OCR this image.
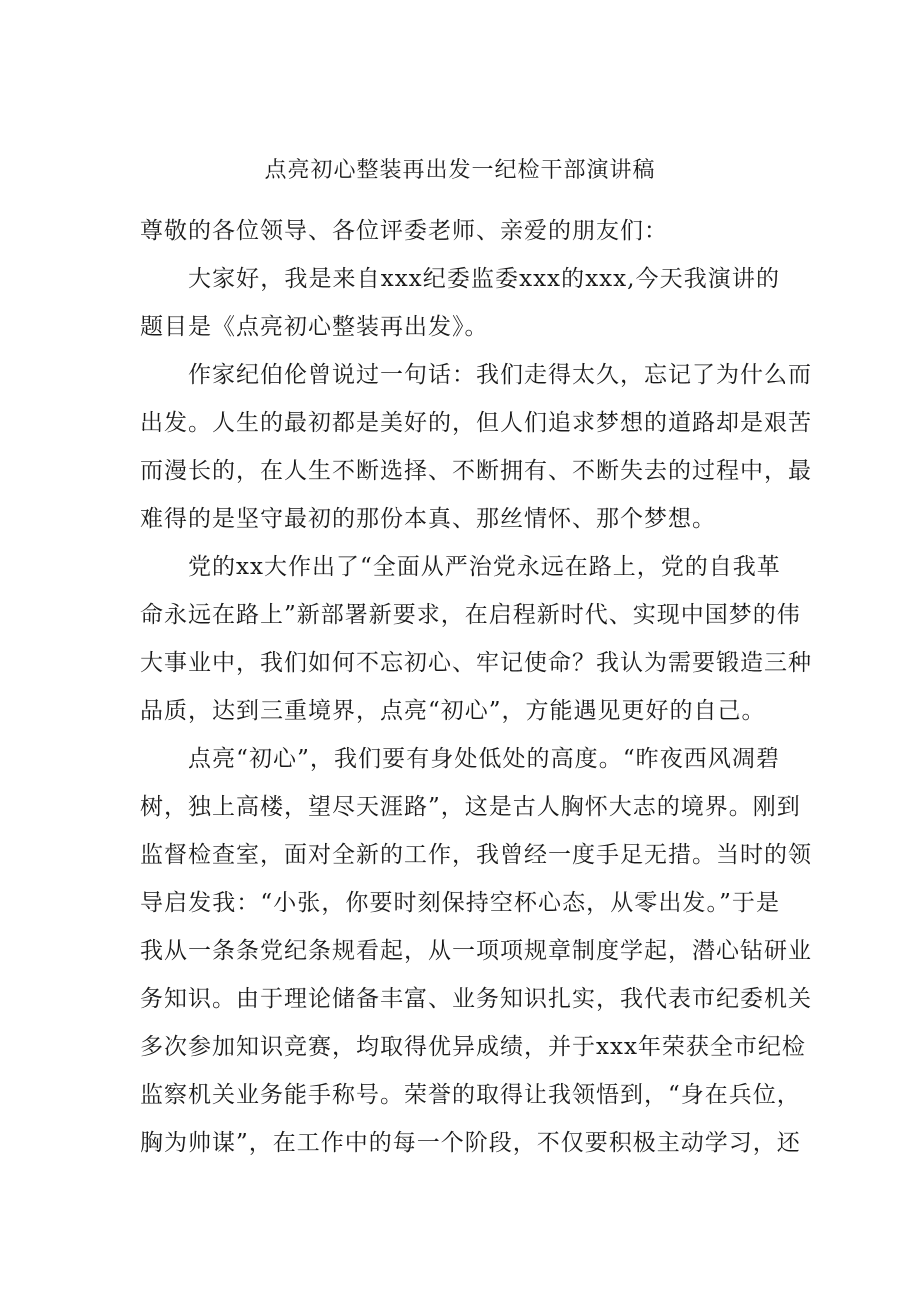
点亮初心整装再出发一纪检干部演讲稿
尊敬的各位领导、各位评委老师、亲爱的朋友们：
大家好，我是来自xxx纪委监委xxx的xxx,今天我演讲的
题目是《点亮初心整装再出发》。
作家纪伯伦曾说过一句话：我们走得太久，忘记了为什么而
出发。人生的最初都是美好的，但人们追求梦想的道路却是艰苦
而漫长的，在人生不断选择、不断拥有、不断失去的过程中，最
难得的是坚守最初的那份本真、那丝情怀、那个梦想。
党的xx大作出了“全面从严治党永远在路上，党的自我革
命永远在路上”新部署新要求，在启程新时代、实现中国梦的伟
大事业中，我们如何不忘初心、牢记使命？我认为需要锻造三种
品质，达到三重境界，点亮“初心”，方能遇见更好的自己。
点亮“初心”，我们要有身处低处的高度。“昨夜西风凋碧
树，独上高楼，望尽天涯路”，这是古人胸怀大志的境界。刚到
监督检查室，面对全新的工作，我曾经一度手足无措。当时的领
导启发我：“小张，你要时刻保持空杯心态，从零出发。”于是
我从一条条党纪条规看起，从一项项规章制度学起，潜心钻研业
务知识。由于理论储备丰富、业务知识扎实，我代表市纪委机关
多次参加知识竞赛，均取得优异成绩，并于xxx年荣获全市纪检
监察机关业务能手称号。荣誉的取得让我领悟到，“身在兵位，
胸为帅谋”，在工作中的每一个阶段，不仅要积极主动学习，还
